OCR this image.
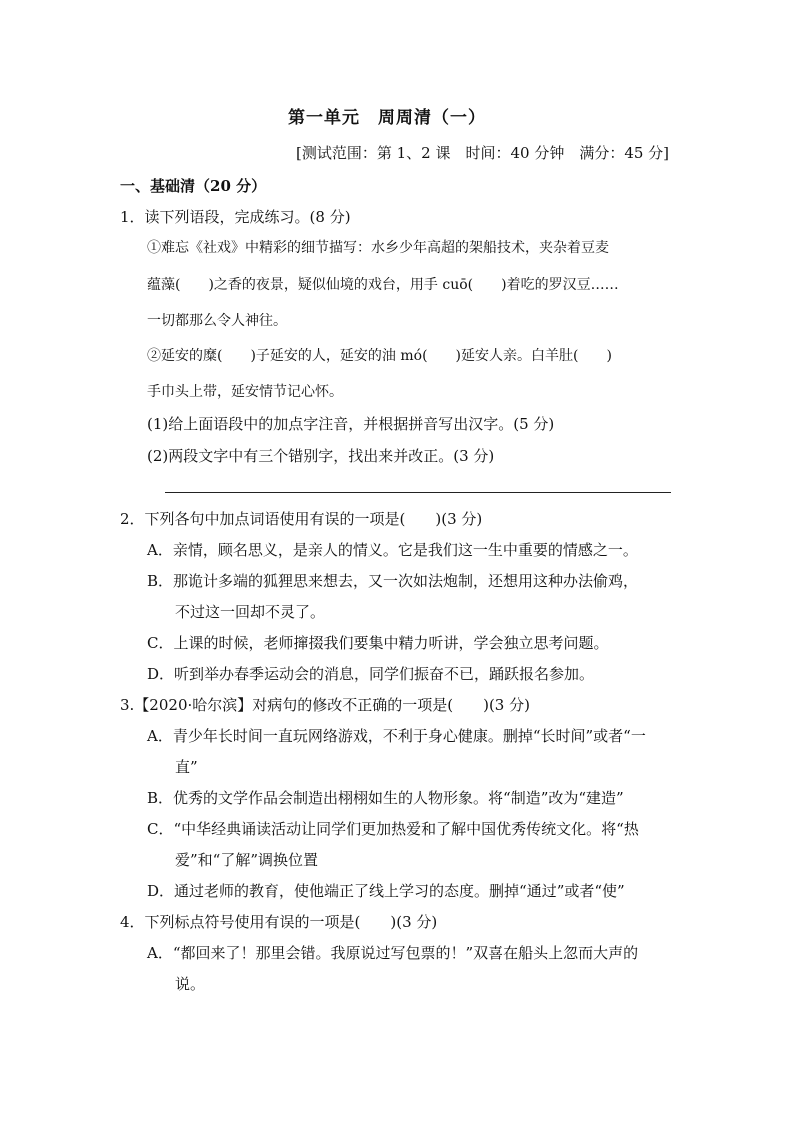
第一单元　周周清（一）
[测试范围：第 1、2 课　时间：40 分钟　满分：45 分]
一、基础清（20 分）
1．读下列语段，完成练习。(8 分)
①难忘《社戏》中精彩的细节描写：水乡少年高超的架船技术，夹杂着豆麦
蕴藻(　　)之香的夜景，疑似仙境的戏台，用手 cuō(　　)着吃的罗汉豆……
一切都那么令人神往。
②延安的糜(　　)子延安的人，延安的油 mó(　　)延安人亲。白羊肚(　　)
手巾头上带，延安情节记心怀。
(1)给上面语段中的加点字注音，并根据拼音写出汉字。(5 分)
(2)两段文字中有三个错别字，找出来并改正。(3 分)
2．下列各句中加点词语使用有误的一项是(　　)(3 分)
A．亲情，顾名思义，是亲人的情义。它是我们这一生中重要的情感之一。
B．那诡计多端的狐狸思来想去，又一次如法炮制，还想用这种办法偷鸡，
不过这一回却不灵了。
C．上课的时候，老师撺掇我们要集中精力听讲，学会独立思考问题。
D．听到举办春季运动会的消息，同学们振奋不已，踊跃报名参加。
3.【2020·哈尔滨】对病句的修改不正确的一项是(　　)(3 分)
A．青少年长时间一直玩网络游戏，不利于身心健康。删掉“长时间”或者“一
直”
B．优秀的文学作品会制造出栩栩如生的人物形象。将“制造”改为“建造”
C．“中华经典诵读活动让同学们更加热爱和了解中国优秀传统文化。将“热
爱”和“了解”调换位置
D．通过老师的教育，使他端正了线上学习的态度。删掉“通过”或者“使”
4．下列标点符号使用有误的一项是(　　)(3 分)
A．“都回来了！那里会错。我原说过写包票的！”双喜在船头上忽而大声的
说。
